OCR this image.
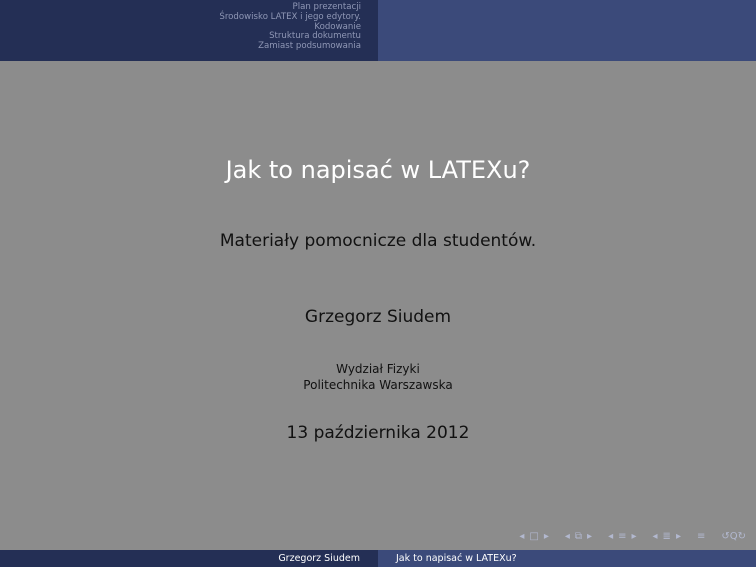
Plan prezentacji
Środowisko LATEX i jego edytory.
Kodowanie
Struktura dokumentu
Zamiast podsumowania
Jak to napisać w LATEXu?
Materiały pomocnicze dla studentów.
Grzegorz Siudem
Wydział Fizyki
Politechnika Warszawska
13 października 2012
◂ □ ▸ ◂ ⧉ ▸ ◂ ≡ ▸ ◂ ≣ ▸ ≡ ↺Q↻
Grzegorz Siudem	Jak to napisać w LATEXu?
